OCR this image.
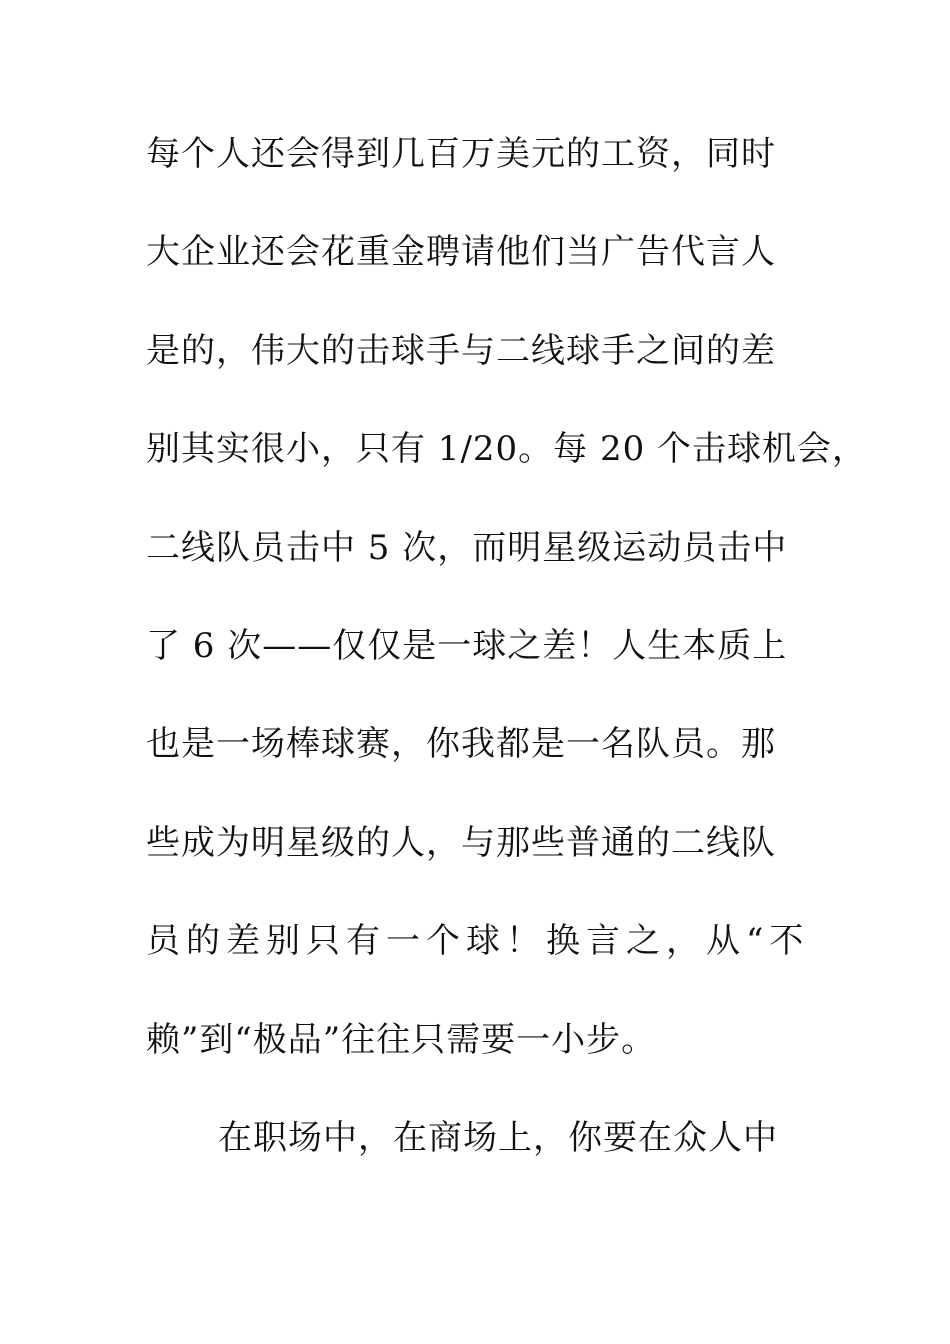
每个人还会得到几百万美元的工资，同时
大企业还会花重金聘请他们当广告代言人
是的，伟大的击球手与二线球手之间的差
别其实很小，只有 1/20。每 20 个击球机会，
二线队员击中 5 次，而明星级运动员击中
了 6 次——仅仅是一球之差！人生本质上
也是一场棒球赛，你我都是一名队员。那
些成为明星级的人，与那些普通的二线队
员的差别只有一个球！换言之，从“不
赖”到“极品”往往只需要一小步。
在职场中，在商场上，你要在众人中
